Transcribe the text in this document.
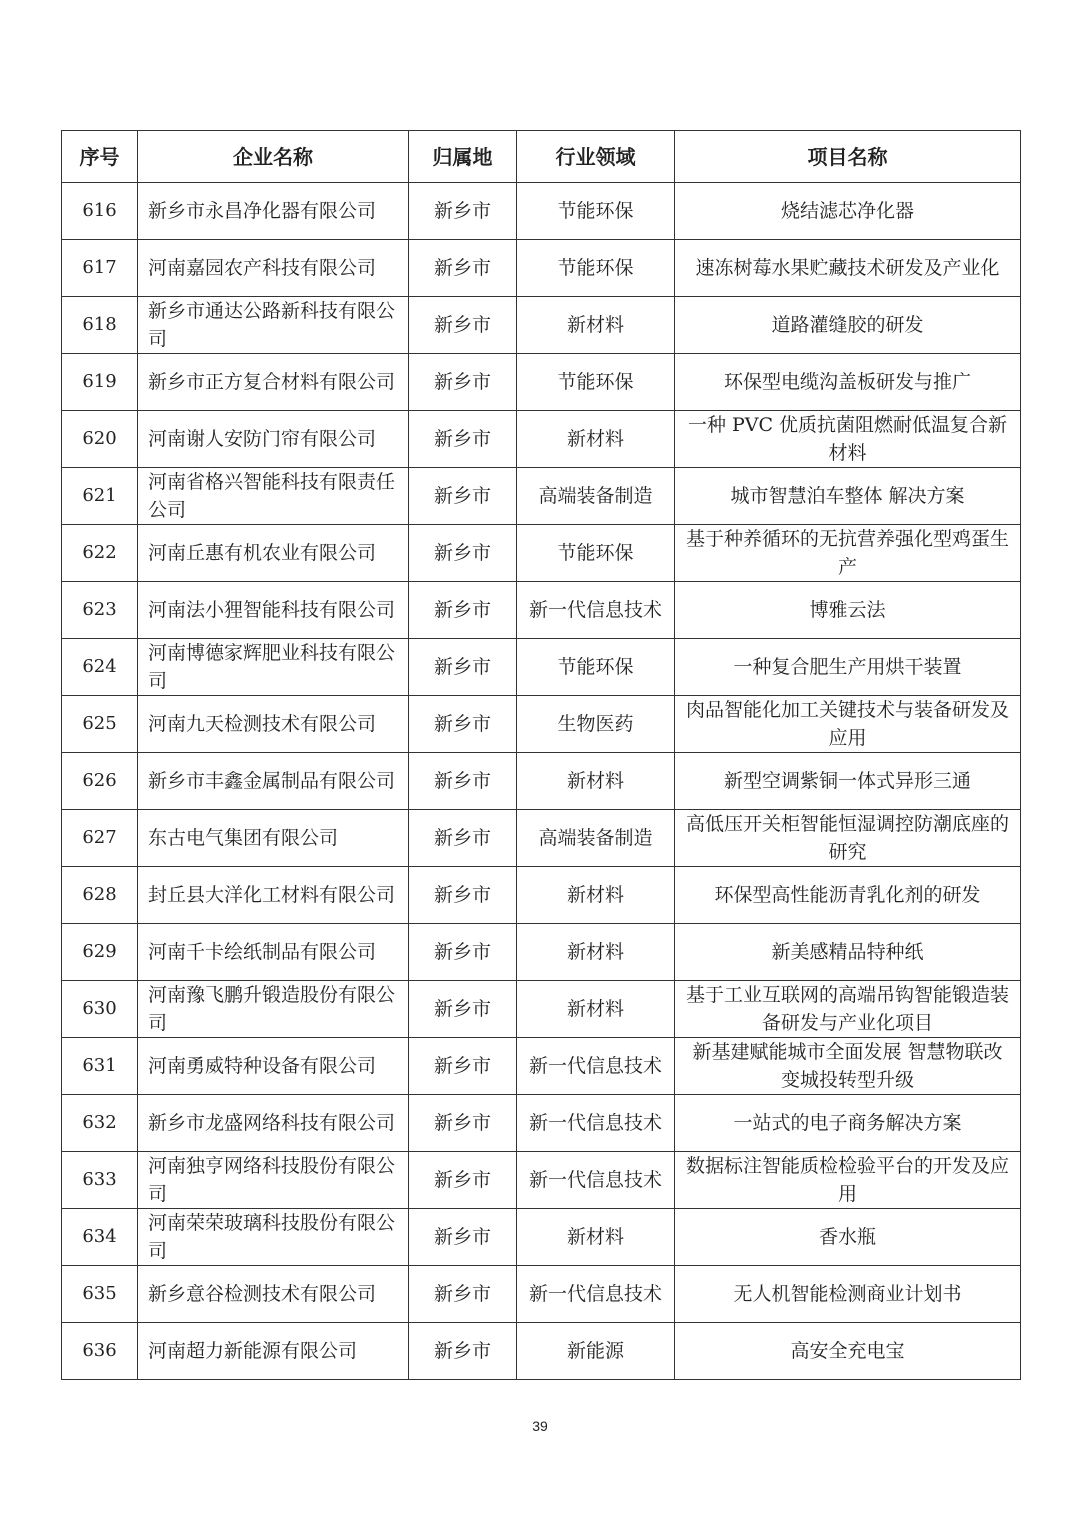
序号	企业名称	归属地	行业领域	项目名称
616	新乡市永昌净化器有限公司	新乡市	节能环保	烧结滤芯净化器
617	河南嘉园农产科技有限公司	新乡市	节能环保	速冻树莓水果贮藏技术研发及产业化
618	新乡市通达公路新科技有限公司	新乡市	新材料	道路灌缝胶的研发
619	新乡市正方复合材料有限公司	新乡市	节能环保	环保型电缆沟盖板研发与推广
620	河南谢人安防门帘有限公司	新乡市	新材料	一种 PVC 优质抗菌阻燃耐低温复合新材料
621	河南省格兴智能科技有限责任公司	新乡市	高端装备制造	城市智慧泊车整体 解决方案
622	河南丘惠有机农业有限公司	新乡市	节能环保	基于种养循环的无抗营养强化型鸡蛋生产
623	河南法小狸智能科技有限公司	新乡市	新一代信息技术	博雅云法
624	河南博德家辉肥业科技有限公司	新乡市	节能环保	一种复合肥生产用烘干装置
625	河南九天检测技术有限公司	新乡市	生物医药	肉品智能化加工关键技术与装备研发及应用
626	新乡市丰鑫金属制品有限公司	新乡市	新材料	新型空调紫铜一体式异形三通
627	东古电气集团有限公司	新乡市	高端装备制造	高低压开关柜智能恒湿调控防潮底座的研究
628	封丘县大洋化工材料有限公司	新乡市	新材料	环保型高性能沥青乳化剂的研发
629	河南千卡绘纸制品有限公司	新乡市	新材料	新美感精品特种纸
630	河南豫飞鹏升锻造股份有限公司	新乡市	新材料	基于工业互联网的高端吊钩智能锻造装备研发与产业化项目
631	河南勇威特种设备有限公司	新乡市	新一代信息技术	新基建赋能城市全面发展 智慧物联改变城投转型升级
632	新乡市龙盛网络科技有限公司	新乡市	新一代信息技术	一站式的电子商务解决方案
633	河南独亨网络科技股份有限公司	新乡市	新一代信息技术	数据标注智能质检检验平台的开发及应用
634	河南荣荣玻璃科技股份有限公司	新乡市	新材料	香水瓶
635	新乡意谷检测技术有限公司	新乡市	新一代信息技术	无人机智能检测商业计划书
636	河南超力新能源有限公司	新乡市	新能源	高安全充电宝
39
